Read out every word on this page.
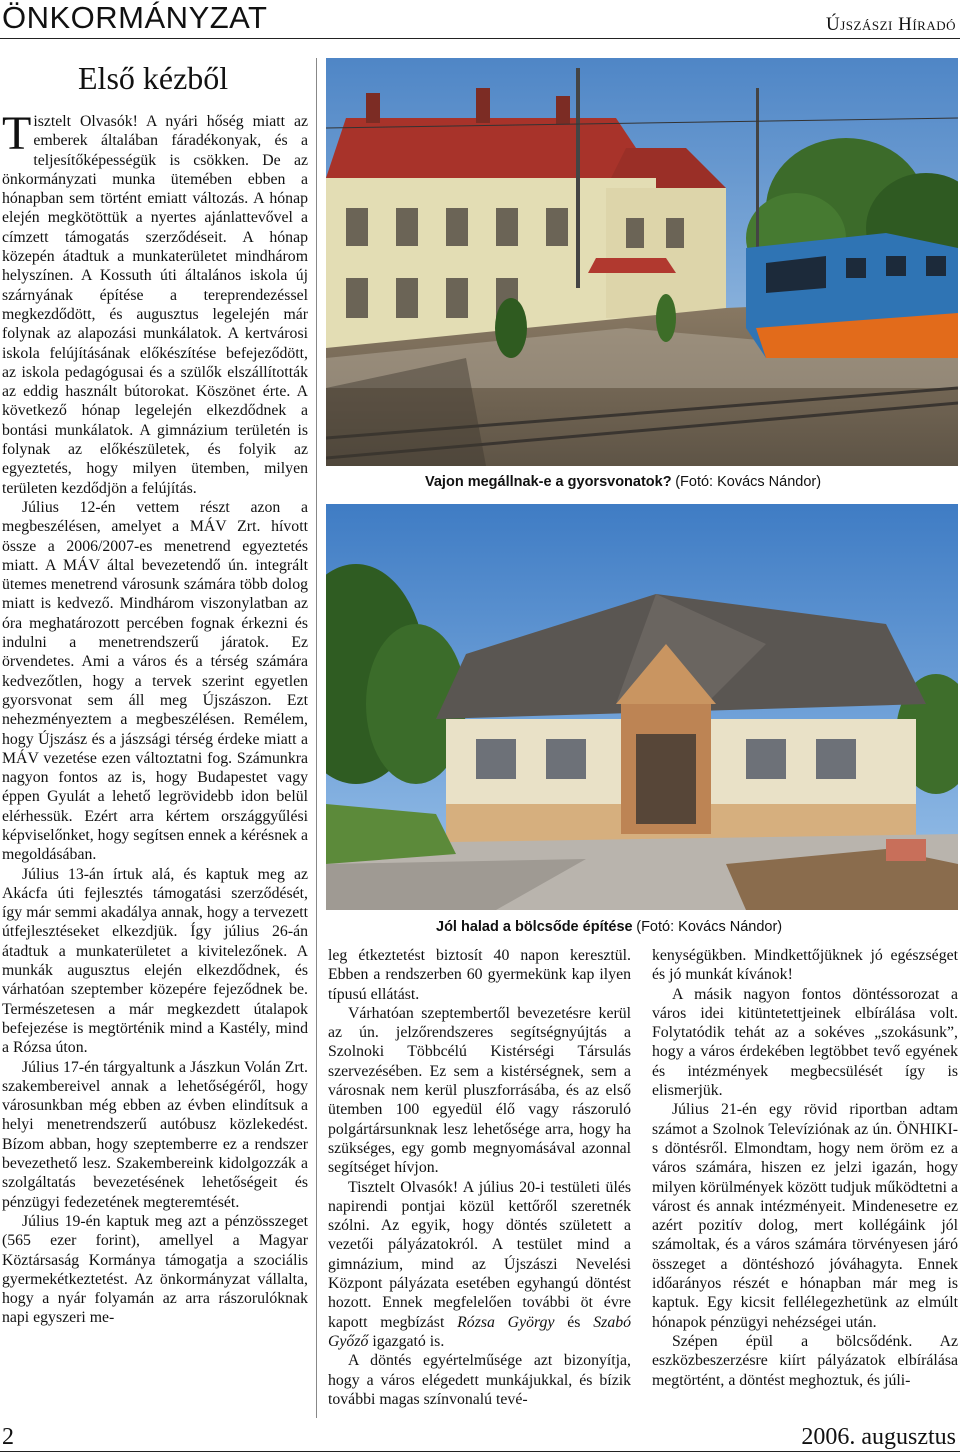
ÖNKORMÁNYZAT	Újszászi Híradó
Első kézből

Tisztelt Olvasók! A nyári hőség miatt az emberek általában fáradékonyak, és a teljesítőképességük is csökken. De az önkormányzati munka ütemében ebben a hónapban sem történt emiatt változás. A hónap elején megkötöttük a nyertes ajánlattevővel a címzett támogatás szerződéseit. A hónap közepén átadtuk a munkaterületet mindhárom helyszínen. A Kossuth úti általános iskola új szárnyának építése a tereprendezéssel megkezdődött, és augusztus legelején már folynak az alapozási munkálatok. A kertvárosi iskola felújításának előkészítése befejeződött, az iskola pedagógusai és a szülők elszállították az eddig használt bútorokat. Köszönet érte. A következő hónap legelején elkezdődnek a bontási munkálatok. A gimnázium területén is folynak az előkészületek, és folyik az egyeztetés, hogy milyen ütemben, milyen területen kezdődjön a felújítás.

Július 12-én vettem részt azon a megbeszélésen, amelyet a MÁV Zrt. hívott össze a 2006/2007-es menetrend egyeztetés miatt. A MÁV által bevezetendő ún. integrált ütemes menetrend városunk számára több dolog miatt is kedvező. Mindhárom viszonylatban az óra meghatározott percében fognak érkezni és indulni a menetrendszerű járatok. Ez örvendetes. Ami a város és a térség számára kedvezőtlen, hogy a tervek szerint egyetlen gyorsvonat sem áll meg Újszászon. Ezt nehezményeztem a megbeszélésen. Remélem, hogy Újszász és a jászsági térség érdeke miatt a MÁV vezetése ezen változtatni fog. Számunkra nagyon fontos az is, hogy Budapestet vagy éppen Gyulát a lehető legrövidebb idon belül elérhessük. Ezért arra kértem országgyűlési képviselőnket, hogy segítsen ennek a kérésnek a megoldásában.

Július 13-án írtuk alá, és kaptuk meg az Akácfa úti fejlesztés támogatási szerződését, így már semmi akadálya annak, hogy a tervezett útfejlesztéseket elkezdjük. Így július 26-án átadtuk a munkaterületet a kivitelezőnek. A munkák augusztus elején elkezdődnek, és várhatóan szeptember közepére fejeződnek be. Természetesen a már megkezdett útalapok befejezése is megtörténik mind a Kastély, mind a Rózsa úton.

Július 17-én tárgyaltunk a Jászkun Volán Zrt. szakembereivel annak a lehetőségéről, hogy városunkban még ebben az évben elindítsuk a helyi menetrendszerű autóbusz közlekedést. Bízom abban, hogy szeptemberre ez a rendszer bevezethető lesz. Szakembereink kidolgozzák a szolgáltatás bevezetésének lehetőségeit és pénzügyi fedezetének megteremtését.

Július 19-én kaptuk meg azt a pénzösszeget (565 ezer forint), amellyel a Magyar Köztársaság Kormánya támogatja a szociális gyermekétkeztetést. Az önkormányzat vállalta, hogy a nyár folyamán az arra rászorulóknak napi egyszeri me-

Vajon megállnak-e a gyorsvonatok? (Fotó: Kovács Nándor)
Jól halad a bölcsőde építése (Fotó: Kovács Nándor)

leg étkeztetést biztosít 40 napon keresztül. Ebben a rendszerben 60 gyermekünk kap ilyen típusú ellátást.

Várhatóan szeptembertől bevezetésre kerül az ún. jelzőrendszeres segítségnyújtás a Szolnoki Többcélú Kistérségi Társulás szervezésében. Ez sem a kistérségnek, sem a városnak nem kerül pluszforrásába, és az első ütemben 100 egyedül élő vagy rászoruló polgártársunknak lesz lehetősége arra, hogy ha szükséges, egy gomb megnyomásával azonnal segítséget hívjon.

Tisztelt Olvasók! A július 20-i testületi ülés napirendi pontjai közül kettőről szeretnék szólni. Az egyik, hogy döntés született a vezetői pályázatokról. A testület mind a gimnázium, mind az Újszászi Nevelési Központ pályázata esetében egyhangú döntést hozott. Ennek megfelelően további öt évre kapott megbízást Rózsa György és Szabó Győző igazgató is.

A döntés egyértelműsége azt bizonyítja, hogy a város elégedett munkájukkal, és bízik további magas színvonalú tevé-

kenységükben. Mindkettőjüknek jó egészséget és jó munkát kívánok!

A másik nagyon fontos döntéssorozat a város idei kitüntetettjeinek elbírálása volt. Folytatódik tehát az a sokéves „szokásunk”, hogy a város érdekében legtöbbet tevő egyének és intézmények megbecsülését így is elismerjük.

Július 21-én egy rövid riportban adtam számot a Szolnok Televíziónak az ún. ÖNHIKI-s döntésről. Elmondtam, hogy nem öröm ez a város számára, hiszen ez jelzi igazán, hogy milyen körülmények között tudjuk működtetni a várost és annak intézményeit. Mindenesetre ez azért pozitív dolog, mert kollégáink jól számoltak, és a város számára törvényesen járó összeget a döntéshozó jóváhagyta. Ennek időarányos részét e hónapban már meg is kaptuk. Egy kicsit fellélegezhetünk az elmúlt hónapok pénzügyi nehézségei után.

Szépen épül a bölcsődénk. Az eszközbeszerzésre kiírt pályázatok elbírálása megtörtént, a döntést meghoztuk, és júli-

2	2006. augusztus
